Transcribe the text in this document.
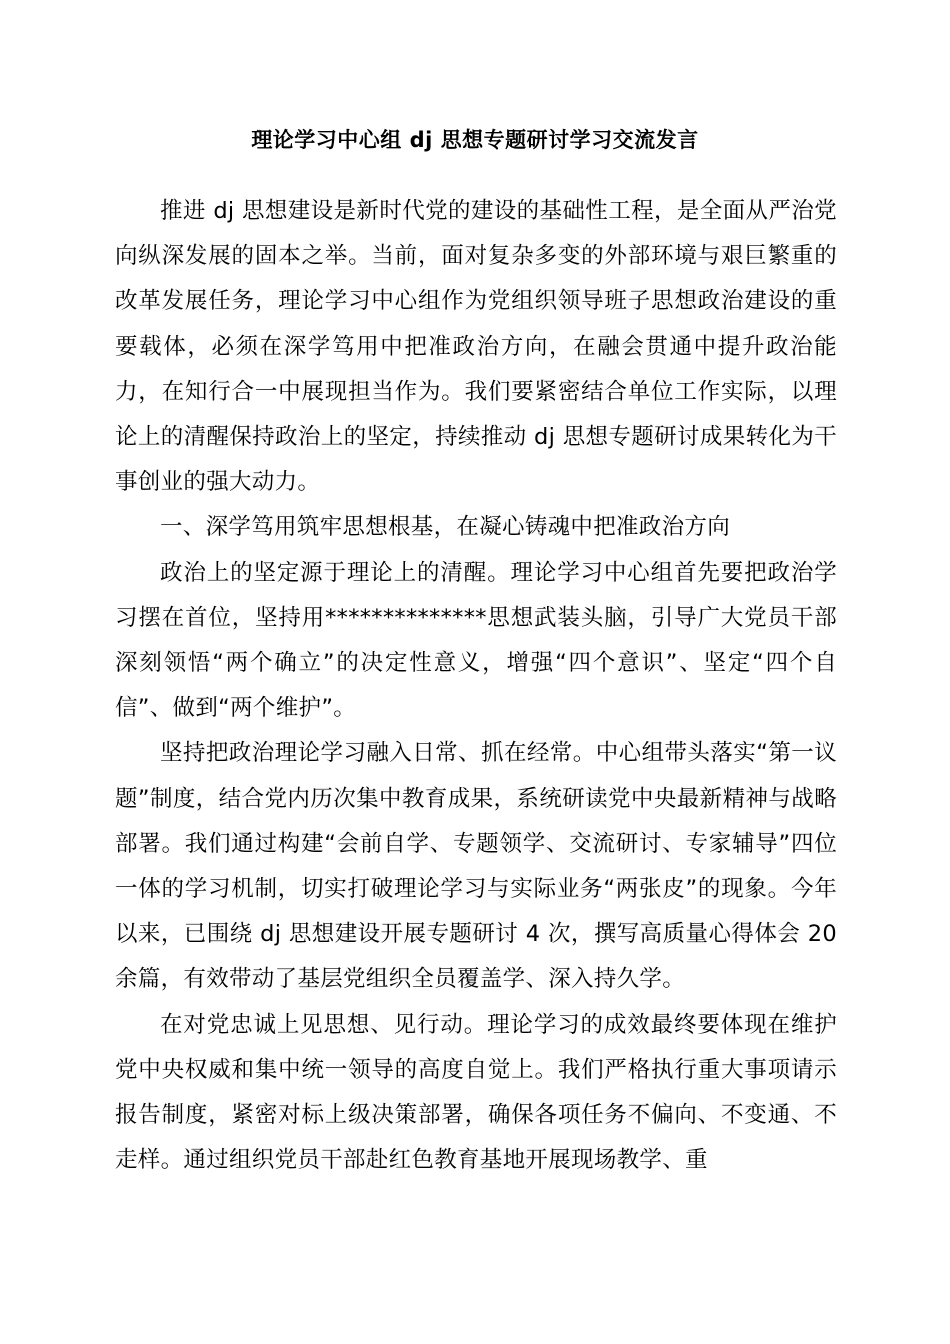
理论学习中心组 dj 思想专题研讨学习交流发言

推进 dj 思想建设是新时代党的建设的基础性工程，是全面从严治党向纵深发展的固本之举。当前，面对复杂多变的外部环境与艰巨繁重的改革发展任务，理论学习中心组作为党组织领导班子思想政治建设的重要载体，必须在深学笃用中把准政治方向，在融会贯通中提升政治能力，在知行合一中展现担当作为。我们要紧密结合单位工作实际，以理论上的清醒保持政治上的坚定，持续推动 dj 思想专题研讨成果转化为干事创业的强大动力。

一、深学笃用筑牢思想根基，在凝心铸魂中把准政治方向

政治上的坚定源于理论上的清醒。理论学习中心组首先要把政治学习摆在首位，坚持用**************思想武装头脑，引导广大党员干部深刻领悟“两个确立”的决定性意义，增强“四个意识”、坚定“四个自信”、做到“两个维护”。

坚持把政治理论学习融入日常、抓在经常。中心组带头落实“第一议题”制度，结合党内历次集中教育成果，系统研读党中央最新精神与战略部署。我们通过构建“会前自学、专题领学、交流研讨、专家辅导”四位一体的学习机制，切实打破理论学习与实际业务“两张皮”的现象。今年以来，已围绕 dj 思想建设开展专题研讨 4 次，撰写高质量心得体会 20 余篇，有效带动了基层党组织全员覆盖学、深入持久学。

在对党忠诚上见思想、见行动。理论学习的成效最终要体现在维护党中央权威和集中统一领导的高度自觉上。我们严格执行重大事项请示报告制度，紧密对标上级决策部署，确保各项任务不偏向、不变通、不走样。通过组织党员干部赴红色教育基地开展现场教学、重
